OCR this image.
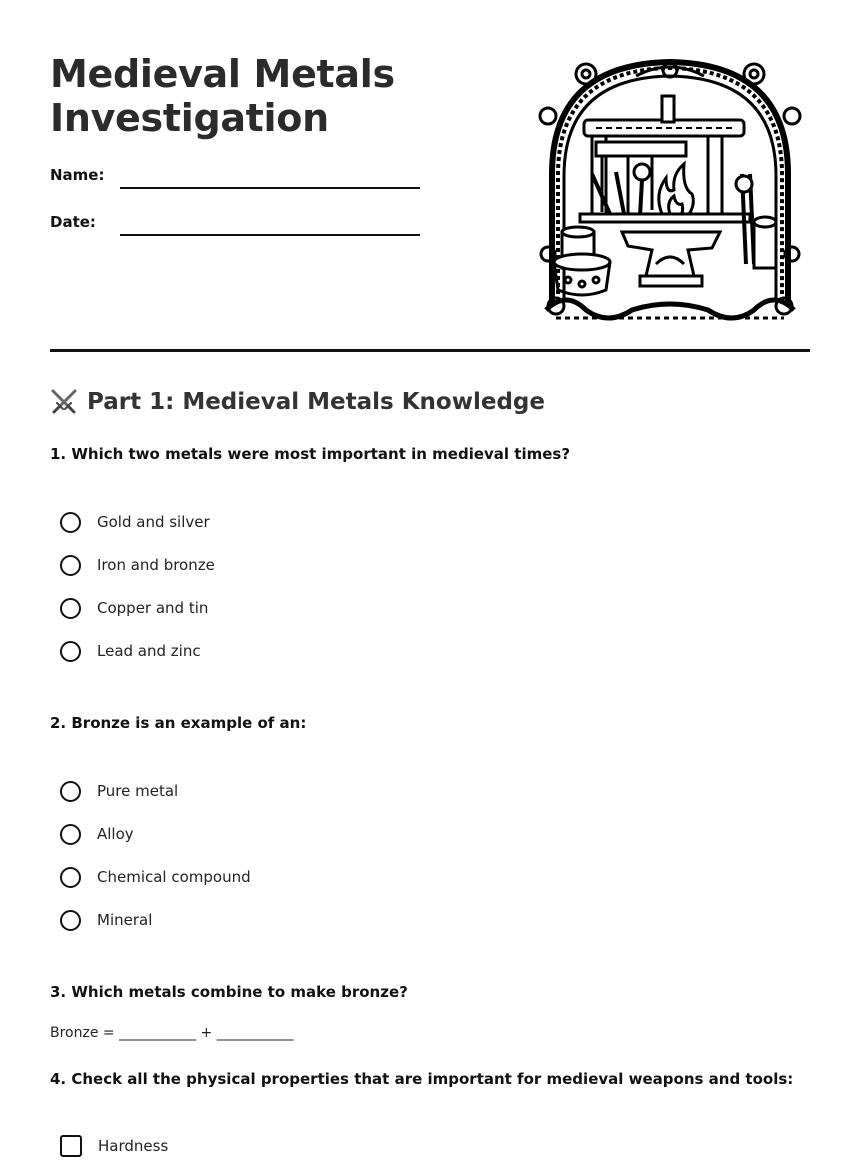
Medieval Metals
Investigation
Name:
Date:
Part 1: Medieval Metals Knowledge

1. Which two metals were most important in medieval times?

Gold and silver
Iron and bronze
Copper and tin
Lead and zinc

2. Bronze is an example of an:

Pure metal
Alloy
Chemical compound
Mineral

3. Which metals combine to make bronze?

Bronze = ___________ + ___________

4. Check all the physical properties that are important for medieval weapons and tools:

Hardness
